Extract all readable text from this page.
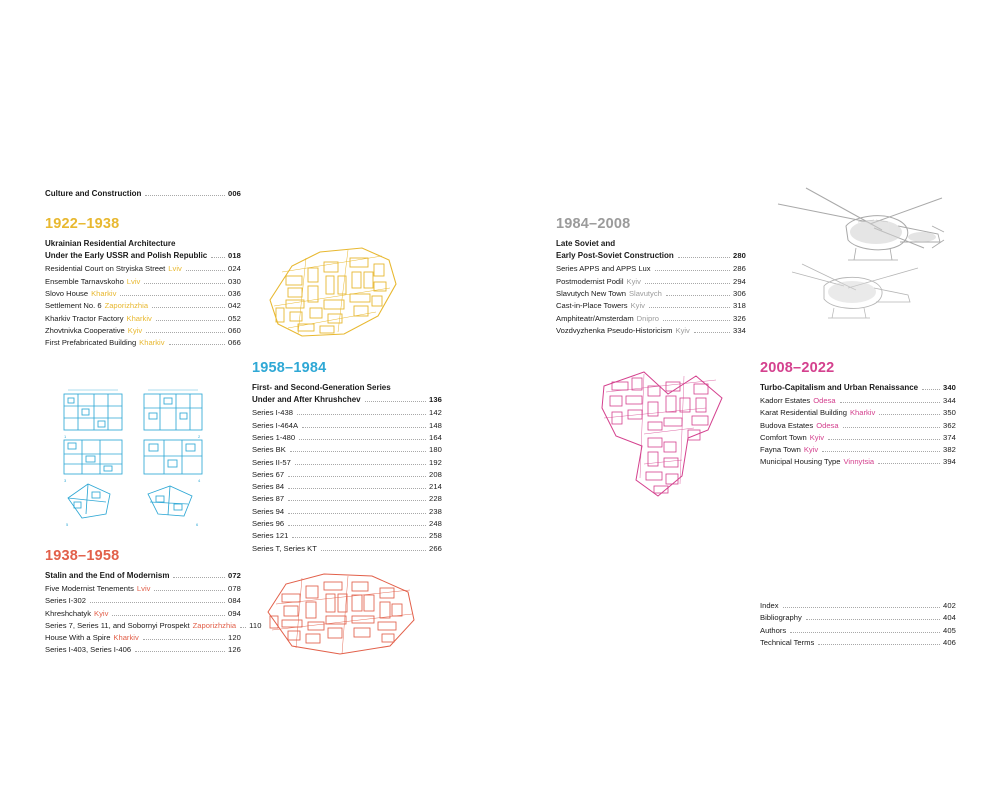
Culture and Construction	006
1922–1938
Ukrainian Residential Architecture
Under the Early USSR and Polish Republic	018
Residential Court on Stryiska Street Lviv	024
Ensemble Tarnavskoho Lviv	030
Slovo House Kharkiv	036
Settlement No. 6 Zaporizhzhia	042
Kharkiv Tractor Factory Kharkiv	052
Zhovtnivka Cooperative Kyiv	060
First Prefabricated Building Kharkiv	066
1938–1958
Stalin and the End of Modernism	072
Five Modernist Tenements Lviv	078
Series I-302	084
Khreshchatyk Kyiv	094
Series 7, Series 11, and Sobornyi Prospekt Zaporizhzhia 110
House With a Spire Kharkiv	120
Series I-403, Series I-406	126
1958–1984
First- and Second-Generation Series
Under and After Khrushchev	136
Series I-438	142
Series I-464A	148
Series 1-480	164
Series BK	180
Series II-57	192
Series 67	208
Series 84	214
Series 87	228
Series 94	238
Series 96	248
Series 121	258
Series T, Series KT	266
1984–2008
Late Soviet and
Early Post-Soviet Construction	280
Series APPS and APPS Lux	286
Postmodernist Podil Kyiv	294
Slavutych New Town Slavutych	306
Cast-in-Place Towers Kyiv	318
Amphiteatr/Amsterdam Dnipro	326
Vozdvyzhenka Pseudo-Historicism Kyiv	334
2008–2022
Turbo-Capitalism and Urban Renaissance	340
Kadorr Estates Odesa	344
Karat Residential Building Kharkiv	350
Budova Estates Odesa	362
Comfort Town Kyiv	374
Fayna Town Kyiv	382
Municipal Housing Type Vinnytsia	394
Index	402
Bibliography	404
Authors	405
Technical Terms	406
1	2
3	4
5	6
